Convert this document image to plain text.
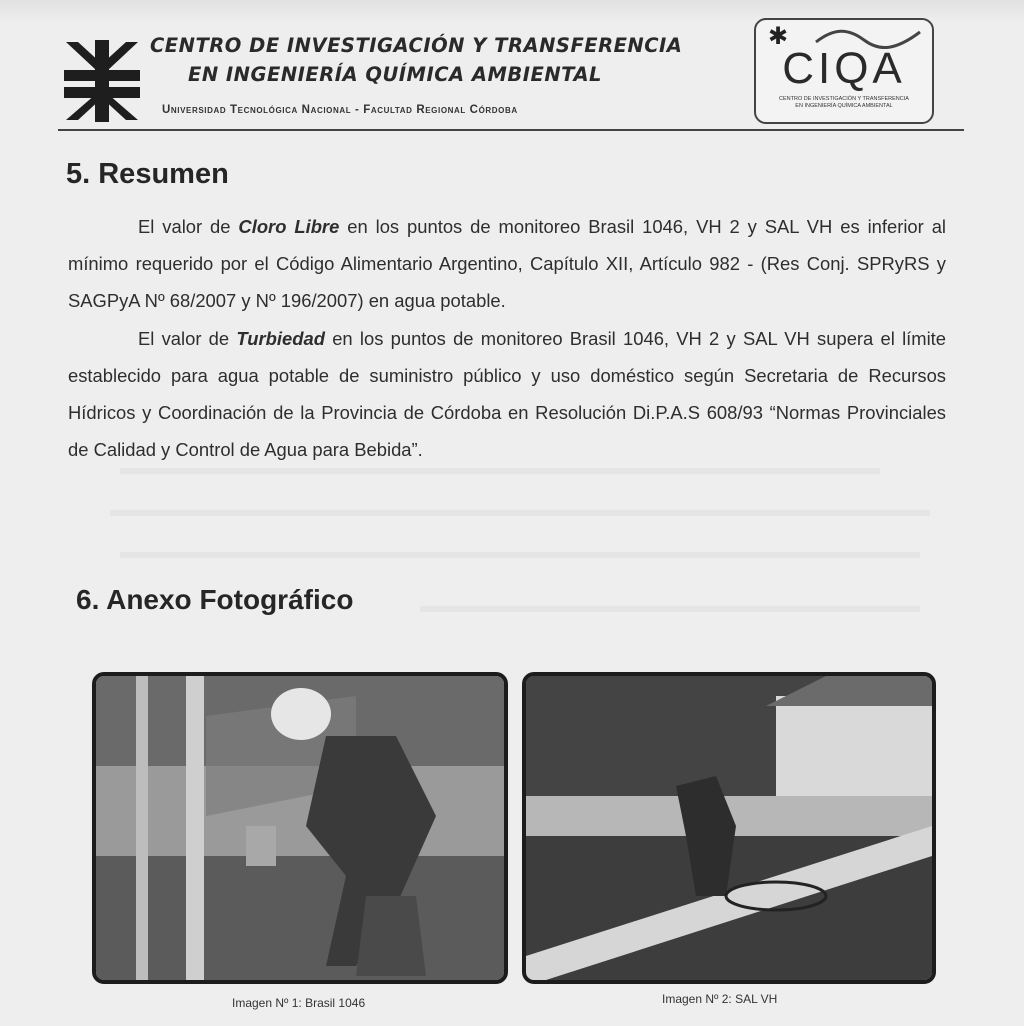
CENTRO DE INVESTIGACIÓN Y TRANSFERENCIA
EN INGENIERÍA QUÍMICA AMBIENTAL
Universidad Tecnológica Nacional - Facultad Regional Córdoba
✱
CIQA
CENTRO DE INVESTIGACIÓN Y TRANSFERENCIA
EN INGENIERÍA QUÍMICA AMBIENTAL
5. Resumen
El valor de Cloro Libre en los puntos de monitoreo Brasil 1046, VH 2 y SAL VH es inferior al mínimo requerido por el Código Alimentario Argentino, Capítulo XII, Artículo 982 - (Res Conj. SPRyRS y SAGPyA Nº 68/2007 y Nº 196/2007) en agua potable.
El valor de Turbiedad en los puntos de monitoreo Brasil 1046, VH 2 y SAL VH supera el límite establecido para agua potable de suministro público y uso doméstico según Secretaria de Recursos Hídricos y Coordinación de la Provincia de Córdoba en Resolución Di.P.A.S 608/93 “Normas Provinciales de Calidad y Control de Agua para Bebida”.
6. Anexo Fotográfico
Imagen Nº 1: Brasil 1046	Imagen Nº 2: SAL VH
